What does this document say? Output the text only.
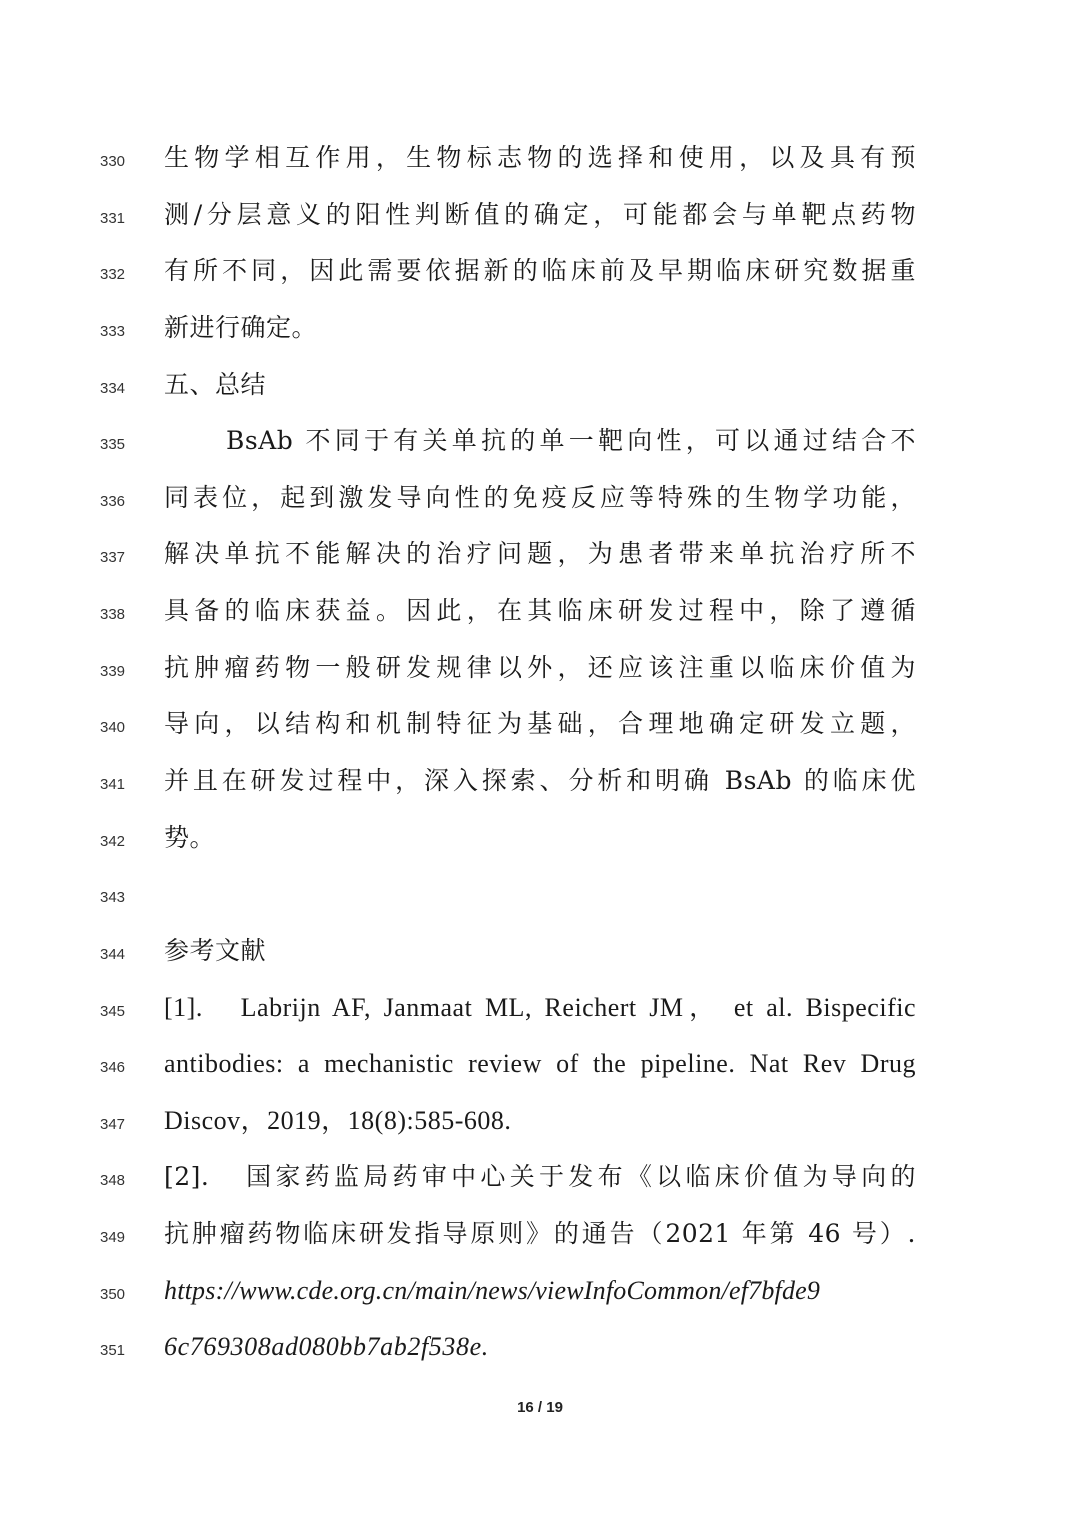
330	生物学相互作用，生物标志物的选择和使用，以及具有预
331	测/分层意义的阳性判断值的确定，可能都会与单靶点药物
332	有所不同，因此需要依据新的临床前及早期临床研究数据重
333	新进行确定。
334	五、总结
335	BsAb 不同于有关单抗的单一靶向性，可以通过结合不
336	同表位，起到激发导向性的免疫反应等特殊的生物学功能，
337	解决单抗不能解决的治疗问题，为患者带来单抗治疗所不
338	具备的临床获益。因此，在其临床研发过程中，除了遵循
339	抗肿瘤药物一般研发规律以外，还应该注重以临床价值为
340	导向，以结构和机制特征为基础，合理地确定研发立题，
341	并且在研发过程中，深入探索、分析和明确 BsAb 的临床优
342	势。
343
344	参考文献
345	[1].   Labrijn AF, Janmaat ML, Reichert JM， et al. Bispecific
346	antibodies: a mechanistic review of the pipeline. Nat Rev Drug
347	Discov，2019，18(8):585-608.
348	[2].   国家药监局药审中心关于发布《以临床价值为导向的
349	抗肿瘤药物临床研发指导原则》的通告（2021 年第 46 号）.
350	https://www.cde.org.cn/main/news/viewInfoCommon/ef7bfde9
351	6c769308ad080bb7ab2f538e.
16 / 19
